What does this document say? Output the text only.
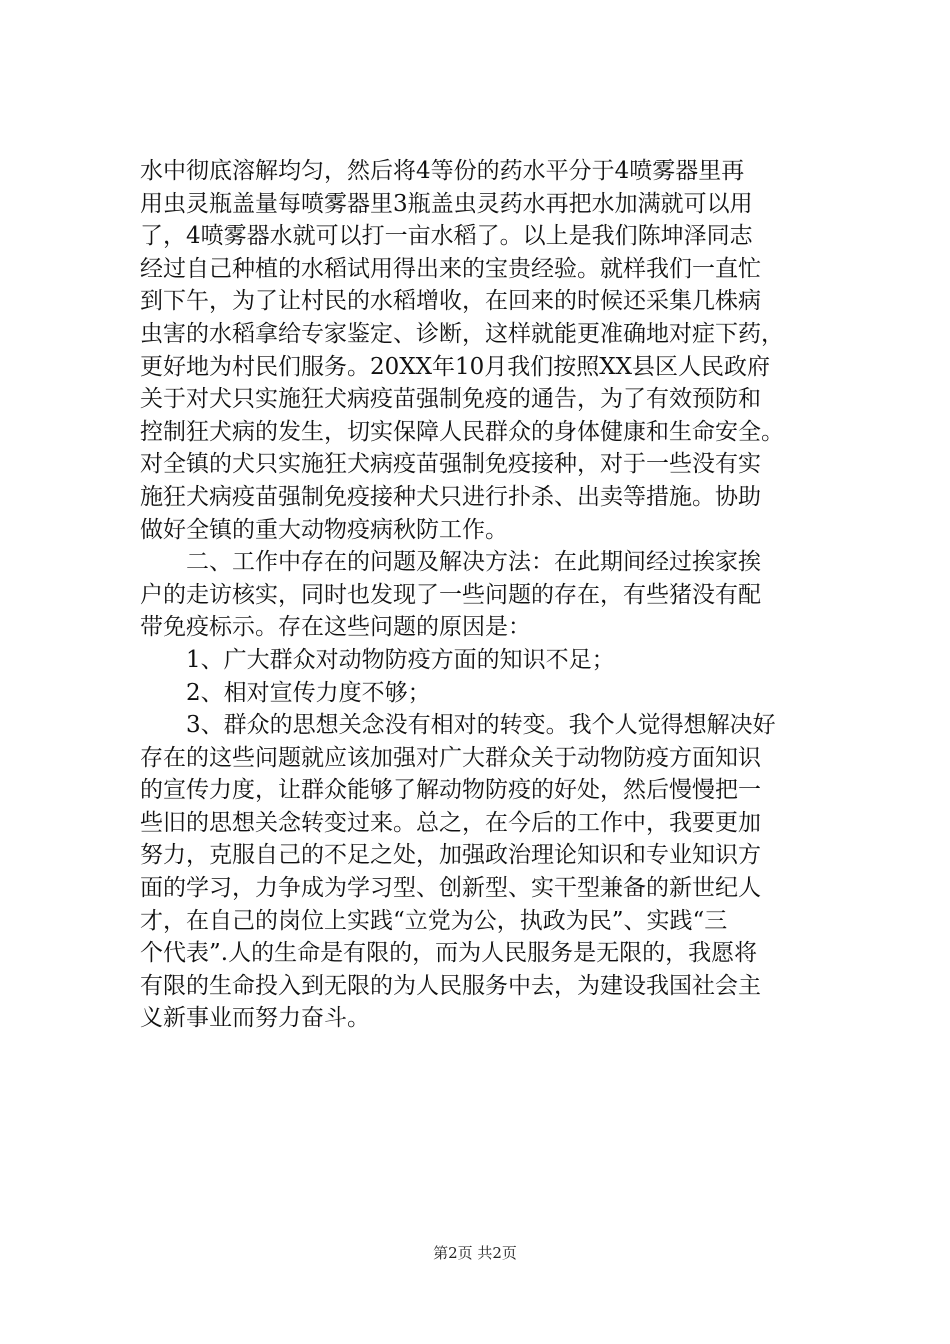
水中彻底溶解均匀，然后将4等份的药水平分于4喷雾器里再
用虫灵瓶盖量每喷雾器里3瓶盖虫灵药水再把水加满就可以用
了，4喷雾器水就可以打一亩水稻了。以上是我们陈坤泽同志
经过自己种植的水稻试用得出来的宝贵经验。就样我们一直忙
到下午，为了让村民的水稻增收，在回来的时候还采集几株病
虫害的水稻拿给专家鉴定、诊断，这样就能更准确地对症下药，
更好地为村民们服务。20XX年10月我们按照XX县区人民政府
关于对犬只实施狂犬病疫苗强制免疫的通告，为了有效预防和
控制狂犬病的发生，切实保障人民群众的身体健康和生命安全。
对全镇的犬只实施狂犬病疫苗强制免疫接种，对于一些没有实
施狂犬病疫苗强制免疫接种犬只进行扑杀、出卖等措施。协助
做好全镇的重大动物疫病秋防工作。
　　二、工作中存在的问题及解决方法：在此期间经过挨家挨
户的走访核实，同时也发现了一些问题的存在，有些猪没有配
带免疫标示。存在这些问题的原因是：
　　1、广大群众对动物防疫方面的知识不足；
　　2、相对宣传力度不够；
　　3、群众的思想关念没有相对的转变。我个人觉得想解决好
存在的这些问题就应该加强对广大群众关于动物防疫方面知识
的宣传力度，让群众能够了解动物防疫的好处，然后慢慢把一
些旧的思想关念转变过来。总之，在今后的工作中，我要更加
努力，克服自己的不足之处，加强政治理论知识和专业知识方
面的学习，力争成为学习型、创新型、实干型兼备的新世纪人
才，在自己的岗位上实践“立党为公，执政为民”、实践“三
个代表”.人的生命是有限的，而为人民服务是无限的，我愿将
有限的生命投入到无限的为人民服务中去，为建设我国社会主
义新事业而努力奋斗。
第2页 共2页
